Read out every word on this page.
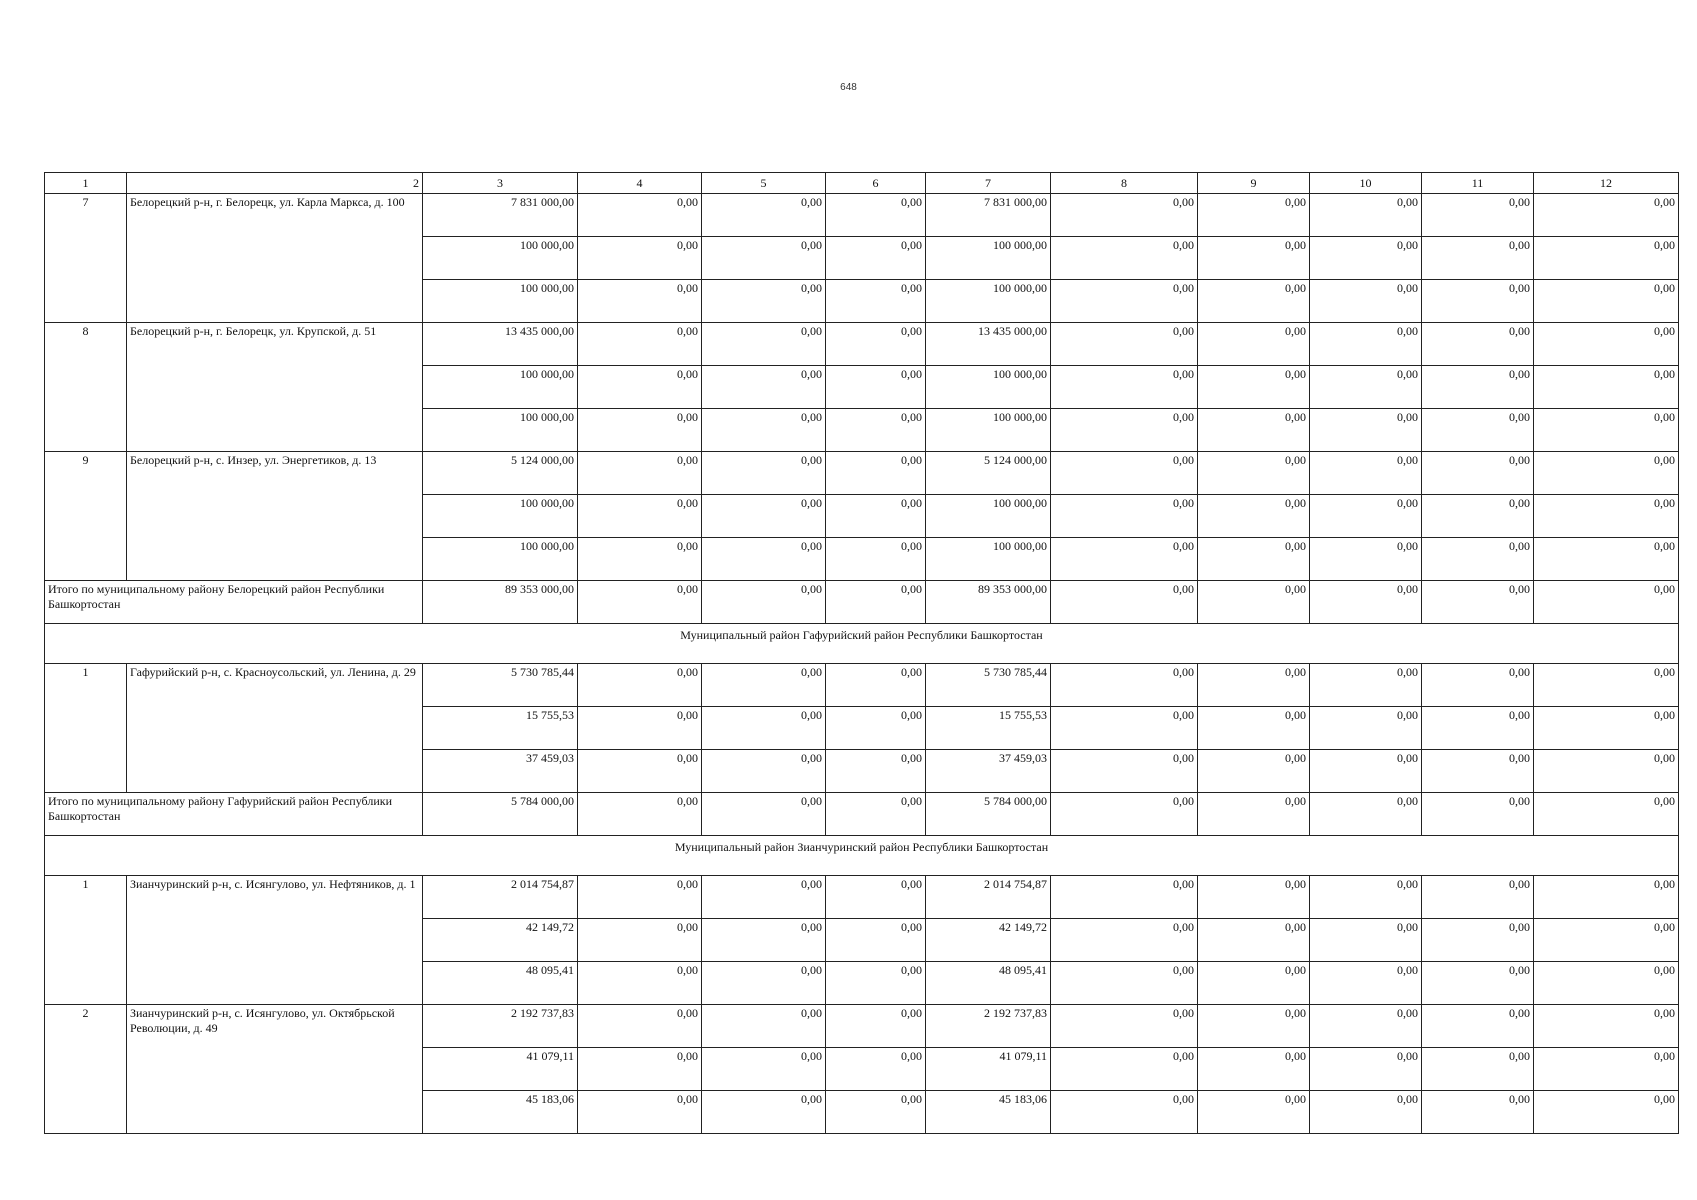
648
1	2	3	4	5	6	7	8	9	10	11	12
7	Белорецкий р-н, г. Белорецк, ул. Карла Маркса, д. 100	7 831 000,00	0,00	0,00	0,00	7 831 000,00	0,00	0,00	0,00	0,00	0,00
		100 000,00	0,00	0,00	0,00	100 000,00	0,00	0,00	0,00	0,00	0,00
		100 000,00	0,00	0,00	0,00	100 000,00	0,00	0,00	0,00	0,00	0,00
8	Белорецкий р-н, г. Белорецк, ул. Крупской, д. 51	13 435 000,00	0,00	0,00	0,00	13 435 000,00	0,00	0,00	0,00	0,00	0,00
		100 000,00	0,00	0,00	0,00	100 000,00	0,00	0,00	0,00	0,00	0,00
		100 000,00	0,00	0,00	0,00	100 000,00	0,00	0,00	0,00	0,00	0,00
9	Белорецкий р-н, с. Инзер, ул. Энергетиков, д. 13	5 124 000,00	0,00	0,00	0,00	5 124 000,00	0,00	0,00	0,00	0,00	0,00
		100 000,00	0,00	0,00	0,00	100 000,00	0,00	0,00	0,00	0,00	0,00
		100 000,00	0,00	0,00	0,00	100 000,00	0,00	0,00	0,00	0,00	0,00
Итого по муниципальному району Белорецкий район Республики Башкортостан		89 353 000,00	0,00	0,00	0,00	89 353 000,00	0,00	0,00	0,00	0,00	0,00
Муниципальный район Гафурийский район Республики Башкортостан											
1	Гафурийский р-н, с. Красноусольский, ул. Ленина, д. 29	5 730 785,44	0,00	0,00	0,00	5 730 785,44	0,00	0,00	0,00	0,00	0,00
		15 755,53	0,00	0,00	0,00	15 755,53	0,00	0,00	0,00	0,00	0,00
		37 459,03	0,00	0,00	0,00	37 459,03	0,00	0,00	0,00	0,00	0,00
Итого по муниципальному району Гафурийский район Республики Башкортостан		5 784 000,00	0,00	0,00	0,00	5 784 000,00	0,00	0,00	0,00	0,00	0,00
Муниципальный район Зианчуринский район Республики Башкортостан											
1	Зианчуринский р-н, с. Исянгулово, ул. Нефтяников, д. 1	2 014 754,87	0,00	0,00	0,00	2 014 754,87	0,00	0,00	0,00	0,00	0,00
		42 149,72	0,00	0,00	0,00	42 149,72	0,00	0,00	0,00	0,00	0,00
		48 095,41	0,00	0,00	0,00	48 095,41	0,00	0,00	0,00	0,00	0,00
2	Зианчуринский р-н, с. Исянгулово, ул. Октябрьской Революции, д. 49	2 192 737,83	0,00	0,00	0,00	2 192 737,83	0,00	0,00	0,00	0,00	0,00
		41 079,11	0,00	0,00	0,00	41 079,11	0,00	0,00	0,00	0,00	0,00
		45 183,06	0,00	0,00	0,00	45 183,06	0,00	0,00	0,00	0,00	0,00
